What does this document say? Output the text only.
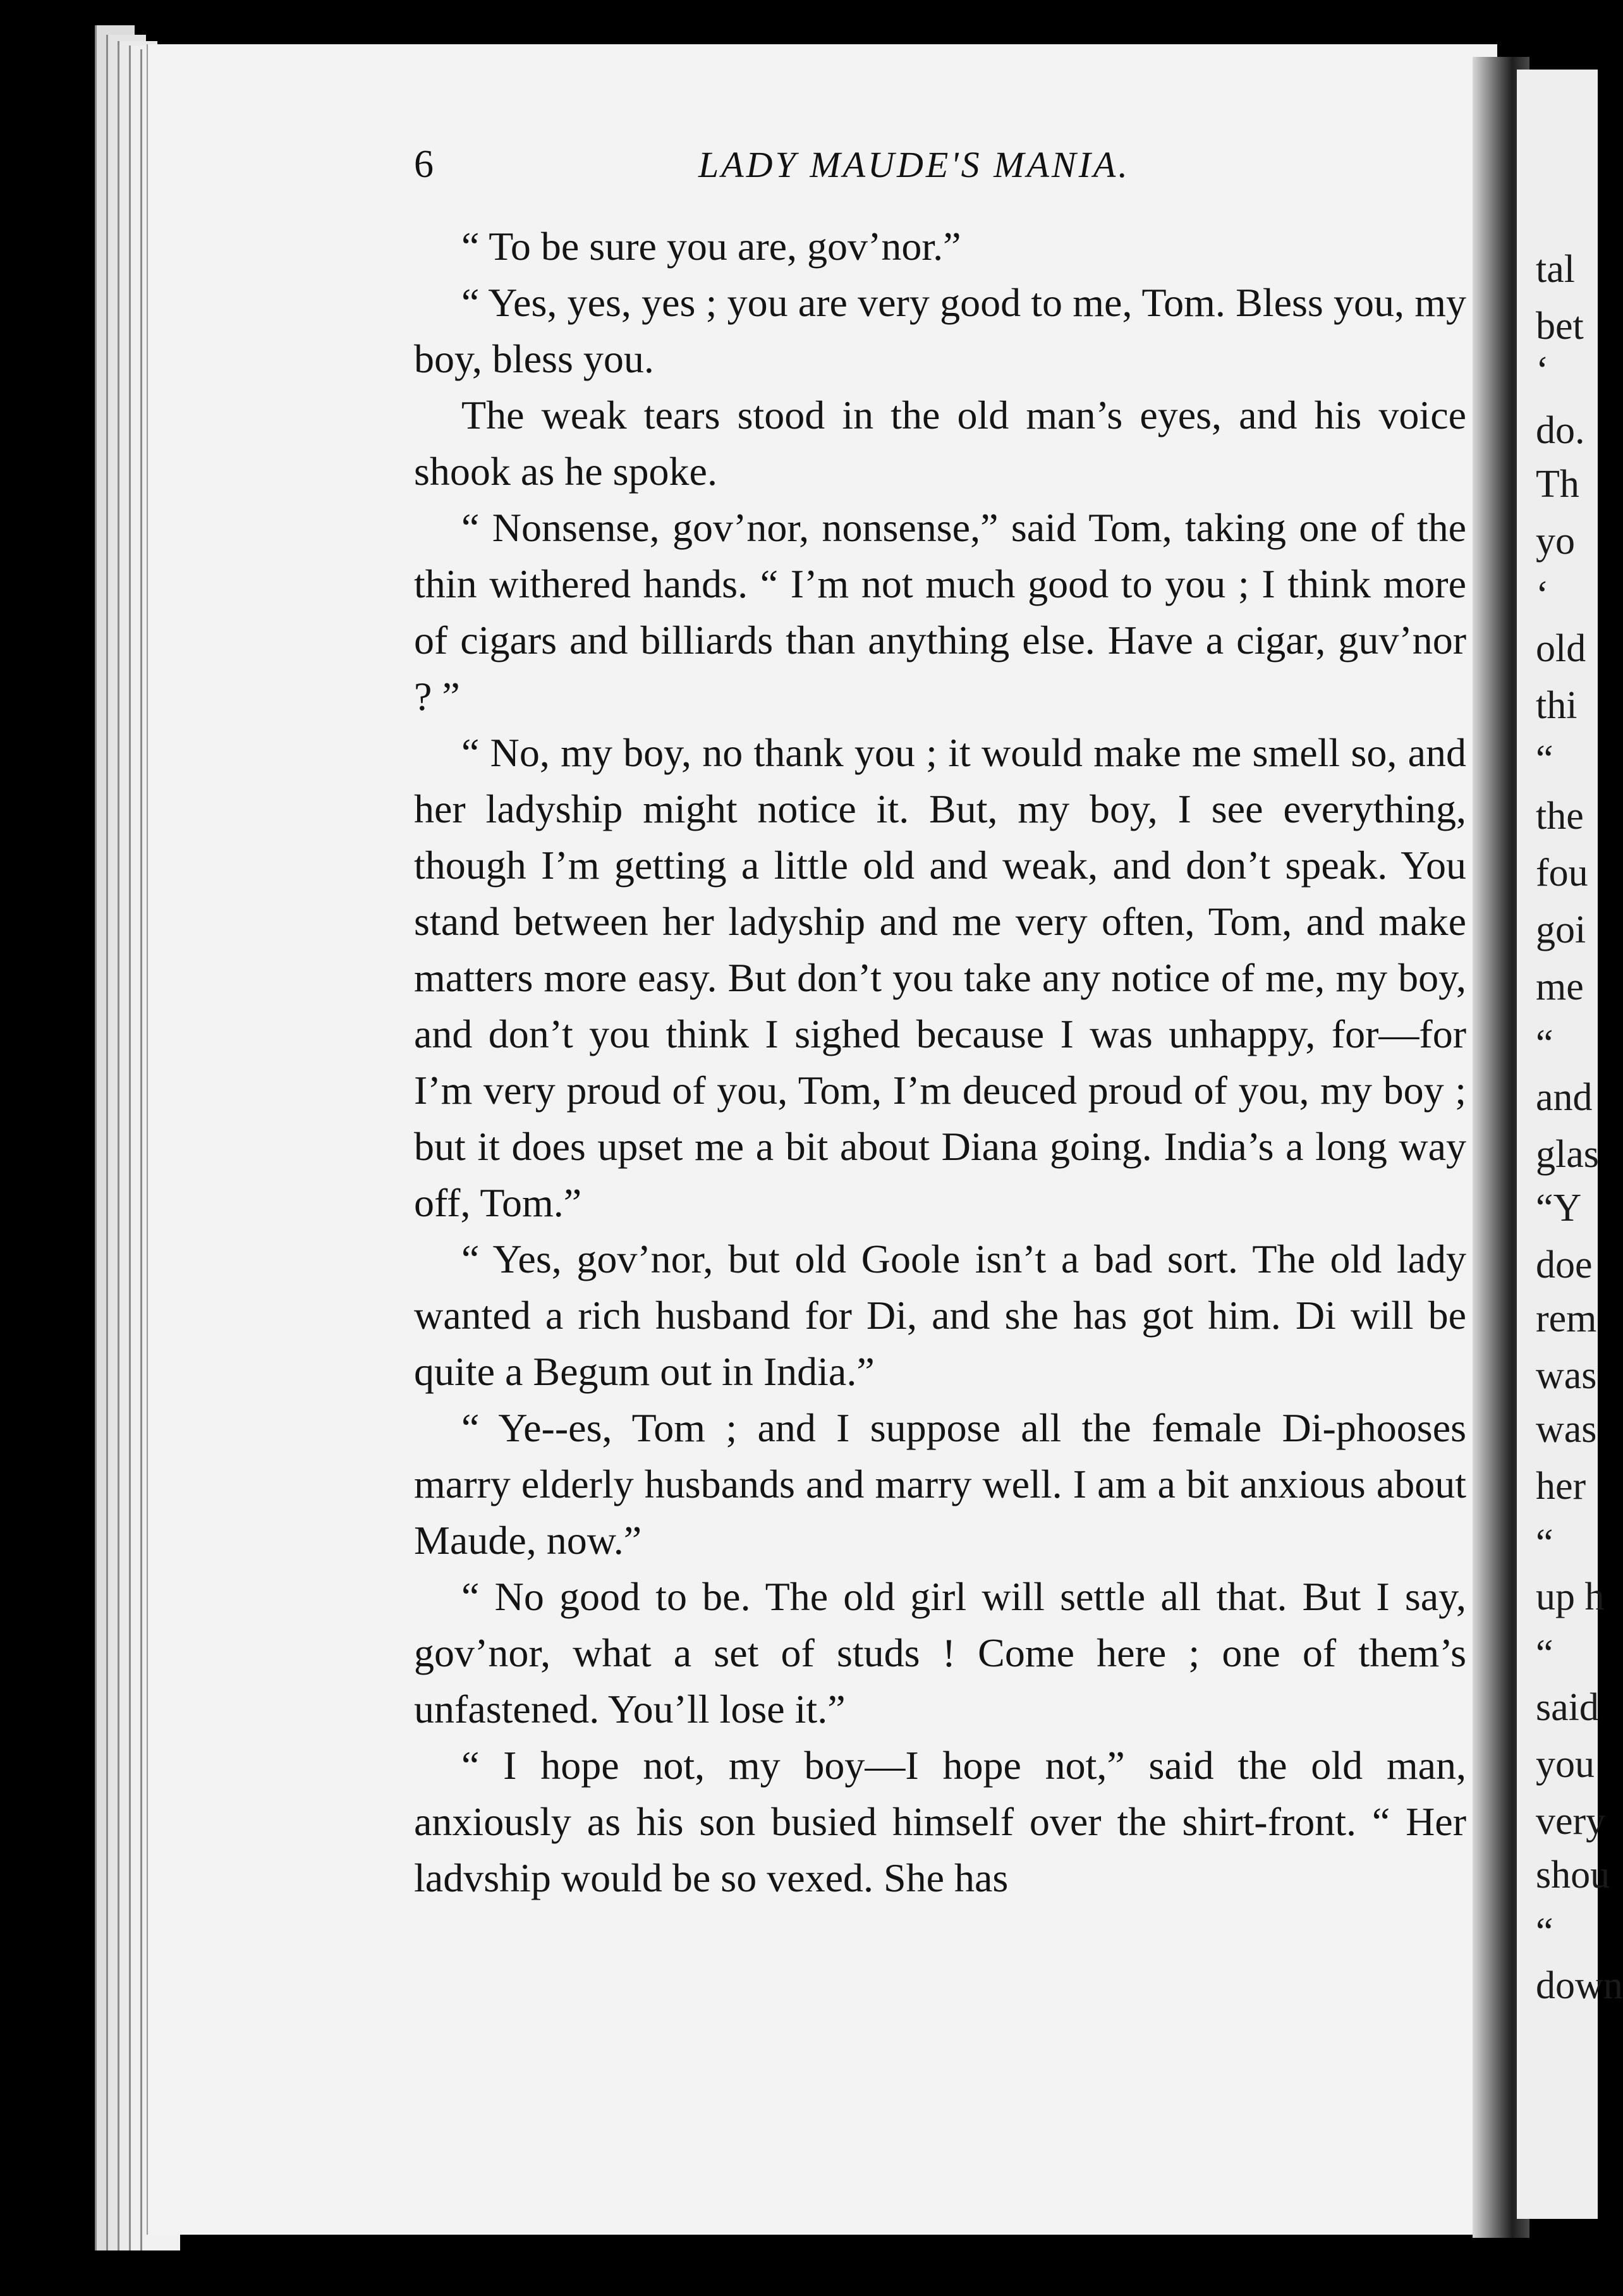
6	LADY MAUDE'S MANIA.

“ To be sure you are, gov’nor.”

“ Yes, yes, yes ; you are very good to me, Tom. Bless you, my boy, bless you.

The weak tears stood in the old man’s eyes, and his voice shook as he spoke.

“ Nonsense, gov’nor, nonsense,” said Tom, taking one of the thin withered hands. “ I’m not much good to you ; I think more of cigars and billiards than anything else. Have a cigar, guv’nor ? ”

“ No, my boy, no thank you ; it would make me smell so, and her ladyship might notice it. But, my boy, I see everything, though I’m getting a little old and weak, and don’t speak. You stand between her ladyship and me very often, Tom, and make matters more easy. But don’t you take any notice of me, my boy, and don’t you think I sighed because I was unhappy, for—for I’m very proud of you, Tom, I’m deuced proud of you, my boy ; but it does upset me a bit about Diana going. India’s a long way off, Tom.”

“ Yes, gov’nor, but old Goole isn’t a bad sort. The old lady wanted a rich husband for Di, and she has got him. Di will be quite a Begum out in India.”

“ Ye--es, Tom ; and I suppose all the female Di-phooses marry elderly husbands and marry well. I am a bit anxious about Maude, now.”

“ No good to be. The old girl will settle all that. But I say, gov’nor, what a set of studs ! Come here ; one of them’s unfastened. You’ll lose it.”

“ I hope not, my boy—I hope not,” said the old man, anxiously as his son busied himself over the shirt-front. “ Her ladvship would be so vexed. She has

tal
bet
‘
do.
Th
yo
‘
old
thi
“
the
fou
goi
me
“
and
glas
“Y
doe
rem
was
was
her
“
up h
“
said
you
very
shou
“
down
